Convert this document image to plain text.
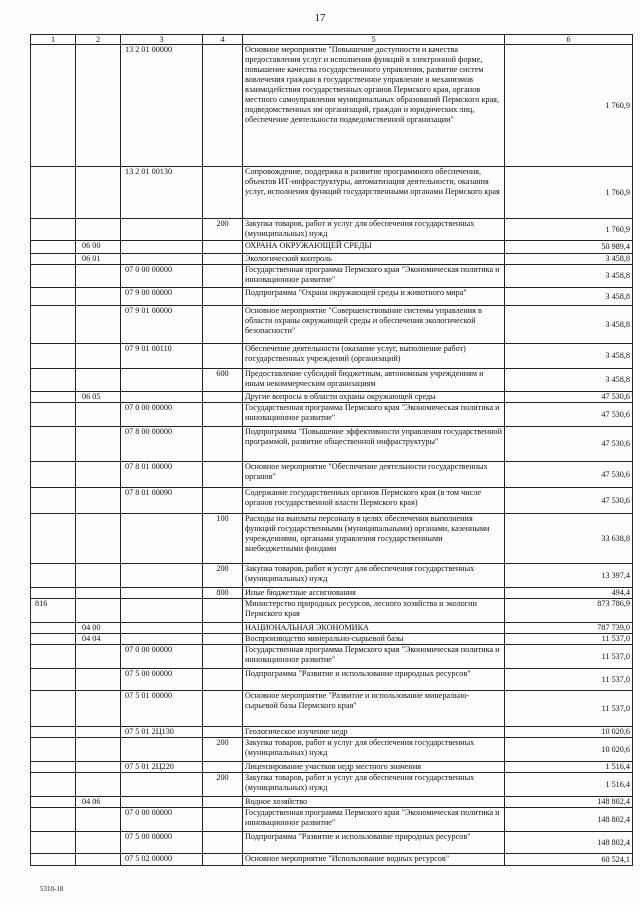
17
1	2	3	4	5	6
		13 2 01 00000		Основное мероприятие "Повышение доступности и качества предоставления услуг и исполнения функций в электронной форме, повышение качества государственного управления, развитие систем вовлечения граждан в государственное управление и механизмов взаимодействия государственных органов Пермского края, органов местного самоуправления муниципальных образований Пермского края, подведомственных им организаций, граждан и юридических лиц, обеспечение деятельности подведомственной организации"	1 760,9
		13 2 01 00130		Сопровождение, поддержка и развитие программного обеспечения, объектов ИТ-инфраструктуры, автоматизация деятельности, оказания услуг, исполнения функций государственными органами Пермского края	1 760,9
			200	Закупка товаров, работ и услуг для обеспечения государственных (муниципальных) нужд	1 760,9
	06 00			ОХРАНА ОКРУЖАЮЩЕЙ СРЕДЫ	50 989,4
	06 01			Экологический контроль	3 458,8
		07 0 00 00000		Государственная программа Пермского края "Экономическая политика и инновационное развитие"	3 458,8
		07 9 00 00000		Подпрограмма "Охрана окружающей среды и животного мира"	3 458,8
		07 9 01 00000		Основное мероприятие "Совершенствование системы управления в области охраны окружающей среды и обеспечения экологической безопасности"	3 458,8
		07 9 01 00110		Обеспечение деятельности (оказание услуг, выполнение работ) государственных учреждений (организаций)	3 458,8
			600	Предоставление субсидий бюджетным, автономным учреждениям и иным некоммерческим организациям	3 458,8
	06 05			Другие вопросы в области охраны окружающей среды	47 530,6
		07 0 00 00000		Государственная программа Пермского края "Экономическая политика и инновационное развитие"	47 530,6
		07 8 00 00000		Подпрограмма "Повышение эффективности управления государственной программой, развитие общественной инфраструктуры"	47 530,6
		07 8 01 00000		Основное мероприятие "Обеспечение деятельности государственных органов"	47 530,6
		07 8 01 00090		Содержание государственных органов Пермского края (в том числе органов государственной власти Пермского края)	47 530,6
			100	Расходы на выплаты персоналу в целях обеспечения выполнения функций государственными (муниципальными) органами, казенными учреждениями, органами управления государственными внебюджетными фондами	33 638,8
			200	Закупка товаров, работ и услуг для обеспечения государственных (муниципальных) нужд	13 397,4
			800	Иные бюджетные ассигнования	494,4
816				Министерство природных ресурсов, лесного хозяйства и экологии Пермского края	873 786,9
	04 00			НАЦИОНАЛЬНАЯ ЭКОНОМИКА	787 739,0
	04 04			Воспроизводство минерально-сырьевой базы	11 537,0
		07 0 00 00000		Государственная программа Пермского края "Экономическая политика и инновационное развитие"	11 537,0
		07 5 00 00000		Подпрограмма "Развитие и использование природных ресурсов"	11 537,0
		07 5 01 00000		Основное мероприятие "Развитие и использование минерально-сырьевой базы Пермского края"	11 537,0
		07 5 01 2Ц130		Геологическое изучение недр	10 020,6
			200	Закупка товаров, работ и услуг для обеспечения государственных (муниципальных) нужд	10 020,6
		07 5 01 2Ц220		Лицензирование участков недр местного значения	1 516,4
			200	Закупка товаров, работ и услуг для обеспечения государственных (муниципальных) нужд	1 516,4
	04 06			Водное хозяйство	148 802,4
		07 0 00 00000		Государственная программа Пермского края "Экономическая политика и инновационное развитие"	148 802,4
		07 5 00 00000		Подпрограмма "Развитие и использование природных ресурсов"	148 802,4
		07 5 02 00000		Основное мероприятие "Использование водных ресурсов"	60 524,1
5310-18
